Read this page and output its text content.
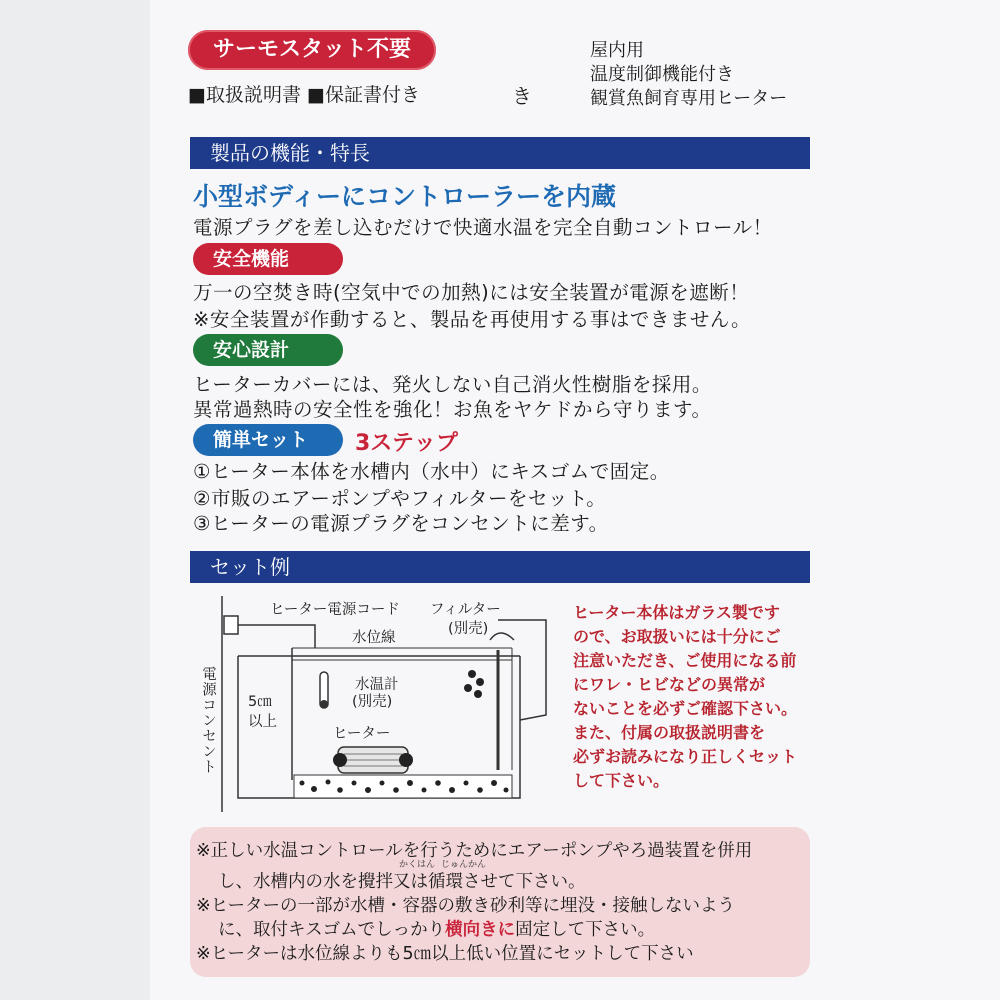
サーモスタット不要
■取扱説明書 ■保証書付き	き
屋内用
温度制御機能付き
観賞魚飼育専用ヒーター
製品の機能・特長
小型ボディーにコントローラーを内蔵
電源プラグを差し込むだけで快適水温を完全自動コントロール！
安全機能
万一の空焚き時(空気中での加熱)には安全装置が電源を遮断！
※安全装置が作動すると、製品を再使用する事はできません。
安心設計
ヒーターカバーには、発火しない自己消火性樹脂を採用。
異常過熱時の安全性を強化！お魚をヤケドから守ります。
簡単セット	3ステップ
①ヒーター本体を水槽内（水中）にキスゴムで固定。
②市販のエアーポンプやフィルターをセット。
③ヒーターの電源プラグをコンセントに差す。
セット例
ヒーター電源コード フィルター
(別売)
水位線
水温計
(別売)
ヒーター
5㎝
以上
電源コンセント
ヒーター本体はガラス製です
ので、お取扱いには十分にご
注意いただき、ご使用になる前
にワレ・ヒビなどの異常が
ないことを必ずご確認下さい。
また、付属の取扱説明書を
必ずお読みになり正しくセット
して下さい。
※正しい水温コントロールを行うためにエアーポンプやろ過装置を併用
かくはん じゅんかん
し、水槽内の水を攪拌又は循環させて下さい。
※ヒーターの一部が水槽・容器の敷き砂利等に埋没・接触しないよう
に、取付キスゴムでしっかり横向きに固定して下さい。
※ヒーターは水位線よりも5㎝以上低い位置にセットして下さい
